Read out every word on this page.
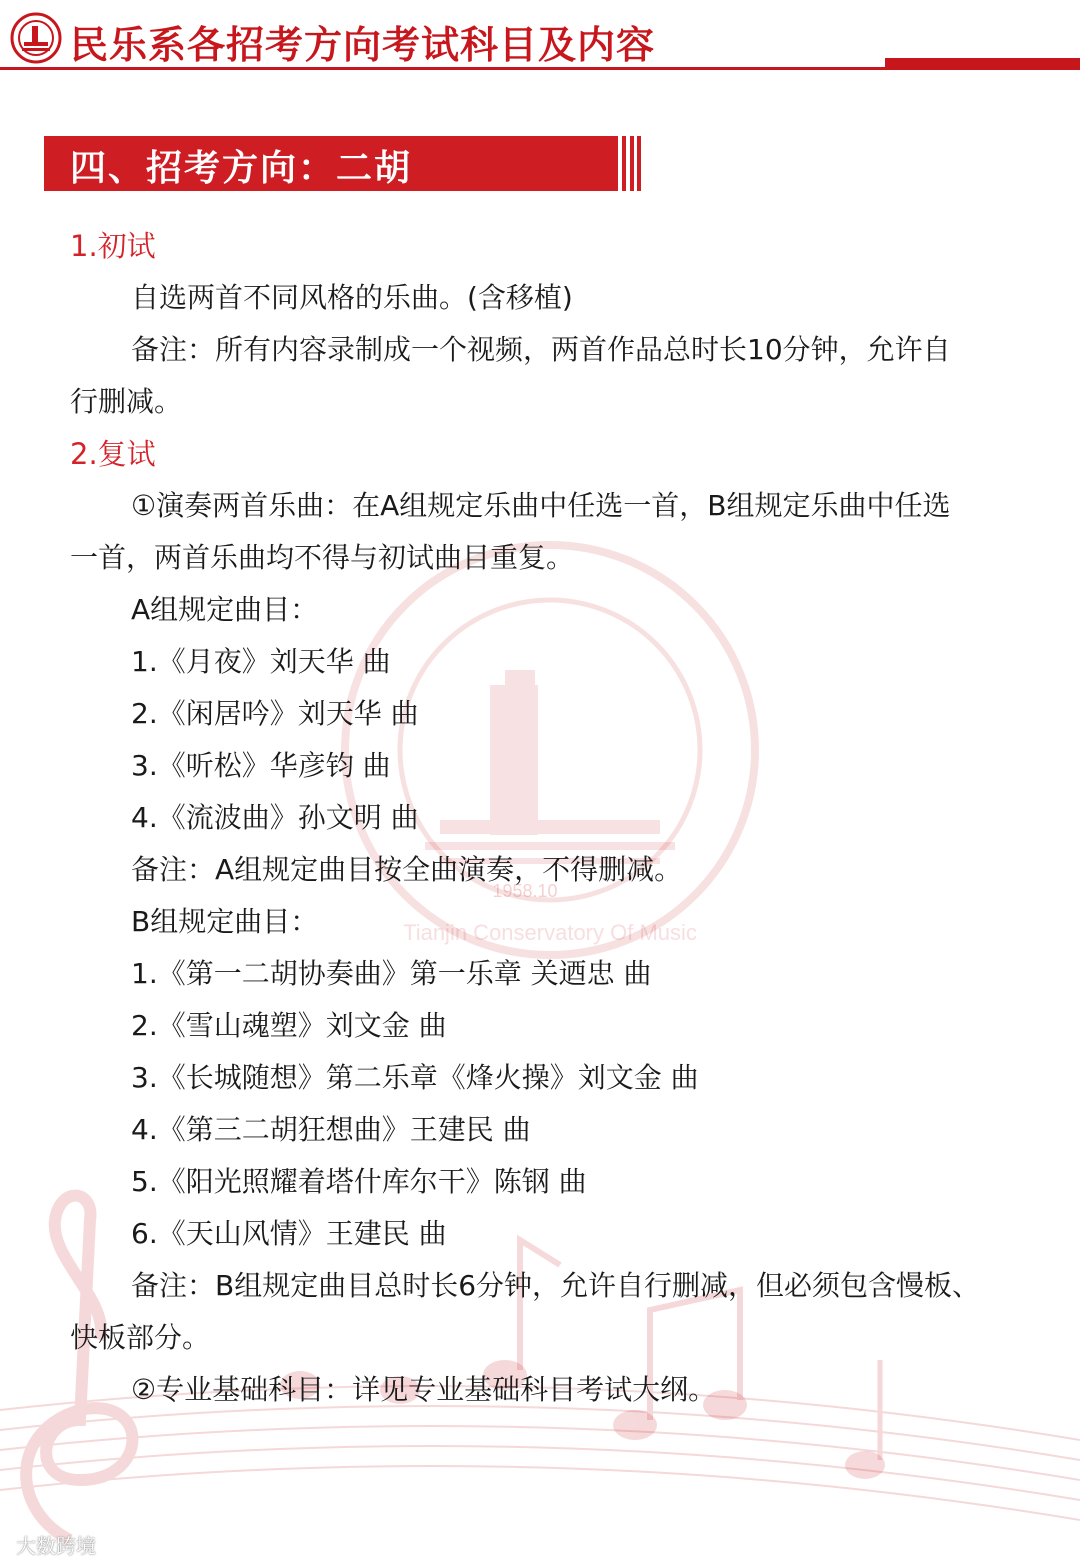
民乐系各招考方向考试科目及内容
1958.10
Tianjin Conservatory Of Music
四、招考方向：二胡
1.初试
自选两首不同风格的乐曲。(含移植)
备注：所有内容录制成一个视频，两首作品总时长10分钟，允许自
行删减。
2.复试
①演奏两首乐曲：在A组规定乐曲中任选一首，B组规定乐曲中任选
一首，两首乐曲均不得与初试曲目重复。
A组规定曲目：
1.《月夜》刘天华 曲
2.《闲居吟》刘天华 曲
3.《听松》华彦钧 曲
4.《流波曲》孙文明 曲
备注：A组规定曲目按全曲演奏，不得删减。
B组规定曲目：
1.《第一二胡协奏曲》第一乐章 关迺忠 曲
2.《雪山魂塑》刘文金 曲
3.《长城随想》第二乐章《烽火操》刘文金 曲
4.《第三二胡狂想曲》王建民 曲
5.《阳光照耀着塔什库尔干》陈钢 曲
6.《天山风情》王建民 曲
备注：B组规定曲目总时长6分钟，允许自行删减，但必须包含慢板、
快板部分。
②专业基础科目：详见专业基础科目考试大纲。
大数跨境
